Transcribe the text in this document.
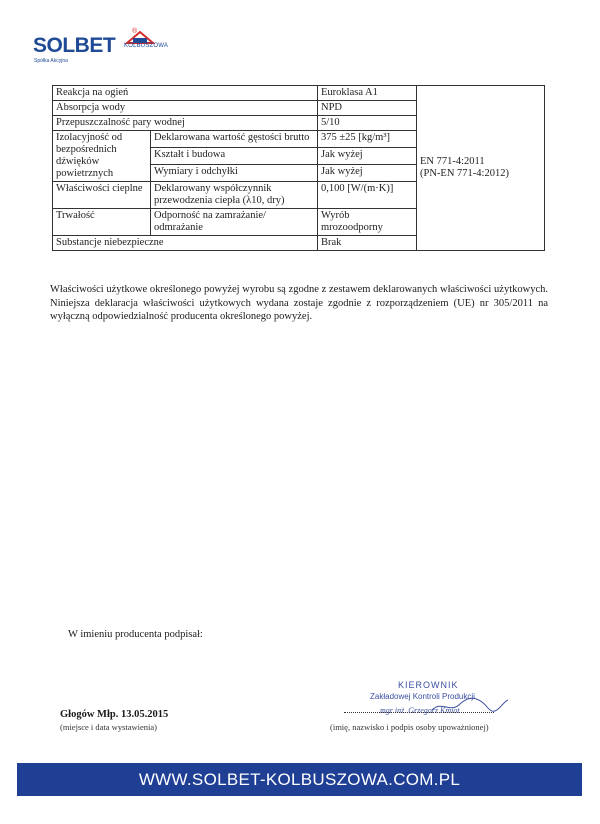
SOLBET
®
KOLBUSZOWA
Spółka Akcyjna
Reakcja na ogień		Euroklasa A1	EN 771-4:2011
(PN-EN 771-4:2012)

Absorpcja wody		NPD	
Przepuszczalność pary wodnej		5/10	
Izolacyjność od bezpośrednich dźwięków powietrznych	Deklarowana wartość gęstości brutto	375 ±25 [kg/m³]	
	Kształt i budowa	Jak wyżej	
	Wymiary i odchyłki	Jak wyżej	
Właściwości cieplne	Deklarowany współczynnik przewodzenia ciepła (λ10, dry)	0,100 [W/(m·K)]	
Trwałość	Odporność na zamrażanie/ odmrażanie	Wyrób mrozoodporny	
Substancje niebezpieczne		Brak	
Właściwości użytkowe określonego powyżej wyrobu są zgodne z zestawem deklarowanych właściwości użytkowych. Niniejsza deklaracja właściwości użytkowych wydana zostaje zgodnie z rozporządzeniem (UE) nr 305/2011 na wyłączną odpowiedzialność producenta określonego powyżej.
W imieniu producenta podpisał:
Głogów Młp. 13.05.2015
(miejsce i data wystawienia)
KIEROWNIK
Zakładowej Kontroli Produkcji
mgr inż. Grzegorz Kmiot
(imię, nazwisko i podpis osoby upoważnionej)
WWW.SOLBET-KOLBUSZOWA.COM.PL
